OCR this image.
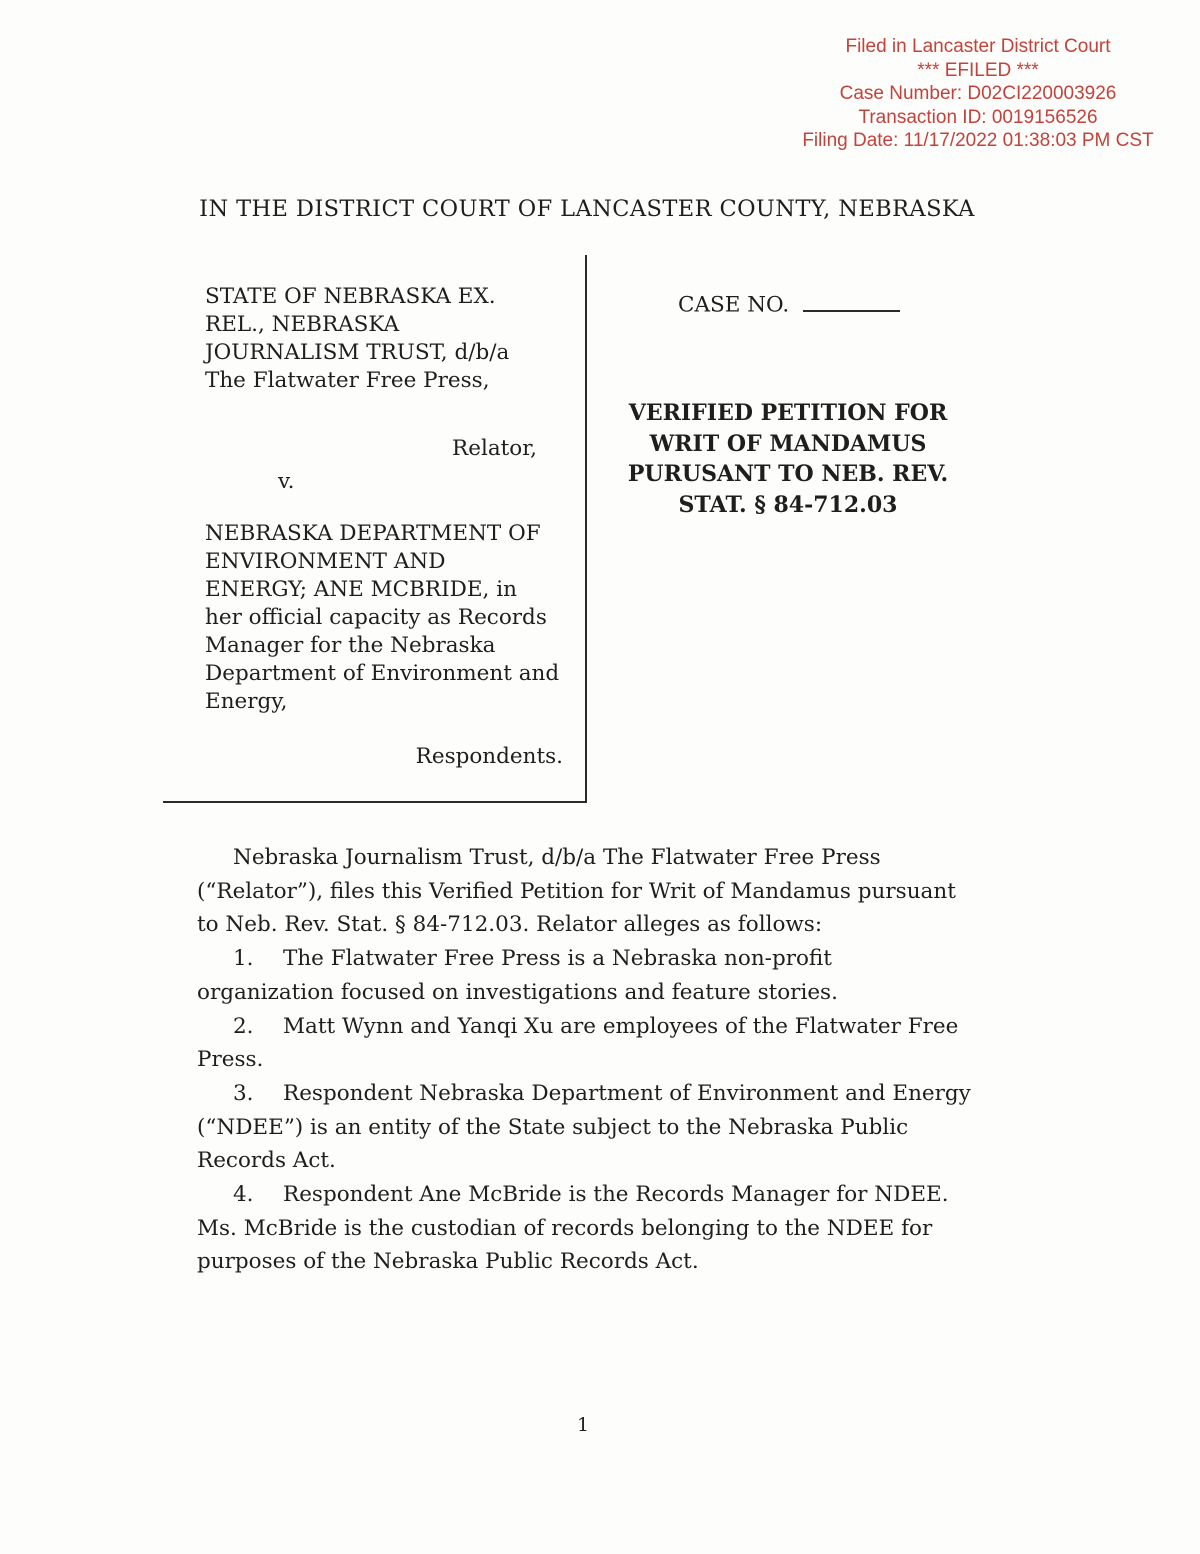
Filed in Lancaster District Court
*** EFILED ***
Case Number: D02CI220003926
Transaction ID: 0019156526
Filing Date: 11/17/2022 01:38:03 PM CST
IN THE DISTRICT COURT OF LANCASTER COUNTY, NEBRASKA
STATE OF NEBRASKA EX.
REL., NEBRASKA
JOURNALISM TRUST, d/b/a
The Flatwater Free Press,
Relator,
v.
NEBRASKA DEPARTMENT OF
ENVIRONMENT AND
ENERGY; ANE MCBRIDE, in
her official capacity as Records
Manager for the Nebraska
Department of Environment and
Energy,
Respondents.
CASE NO.
VERIFIED PETITION FOR
WRIT OF MANDAMUS
PURUSANT TO NEB. REV.
STAT. § 84-712.03

Nebraska Journalism Trust, d/b/a The Flatwater Free Press (“Relator”), files this Verified Petition for Writ of Mandamus pursuant to Neb. Rev. Stat. § 84-712.03. Relator alleges as follows:

1. The Flatwater Free Press is a Nebraska non-profit organization focused on investigations and feature stories.

2. Matt Wynn and Yanqi Xu are employees of the Flatwater Free Press.

3. Respondent Nebraska Department of Environment and Energy (“NDEE”) is an entity of the State subject to the Nebraska Public Records Act.

4. Respondent Ane McBride is the Records Manager for NDEE. Ms. McBride is the custodian of records belonging to the NDEE for purposes of the Nebraska Public Records Act.

1
